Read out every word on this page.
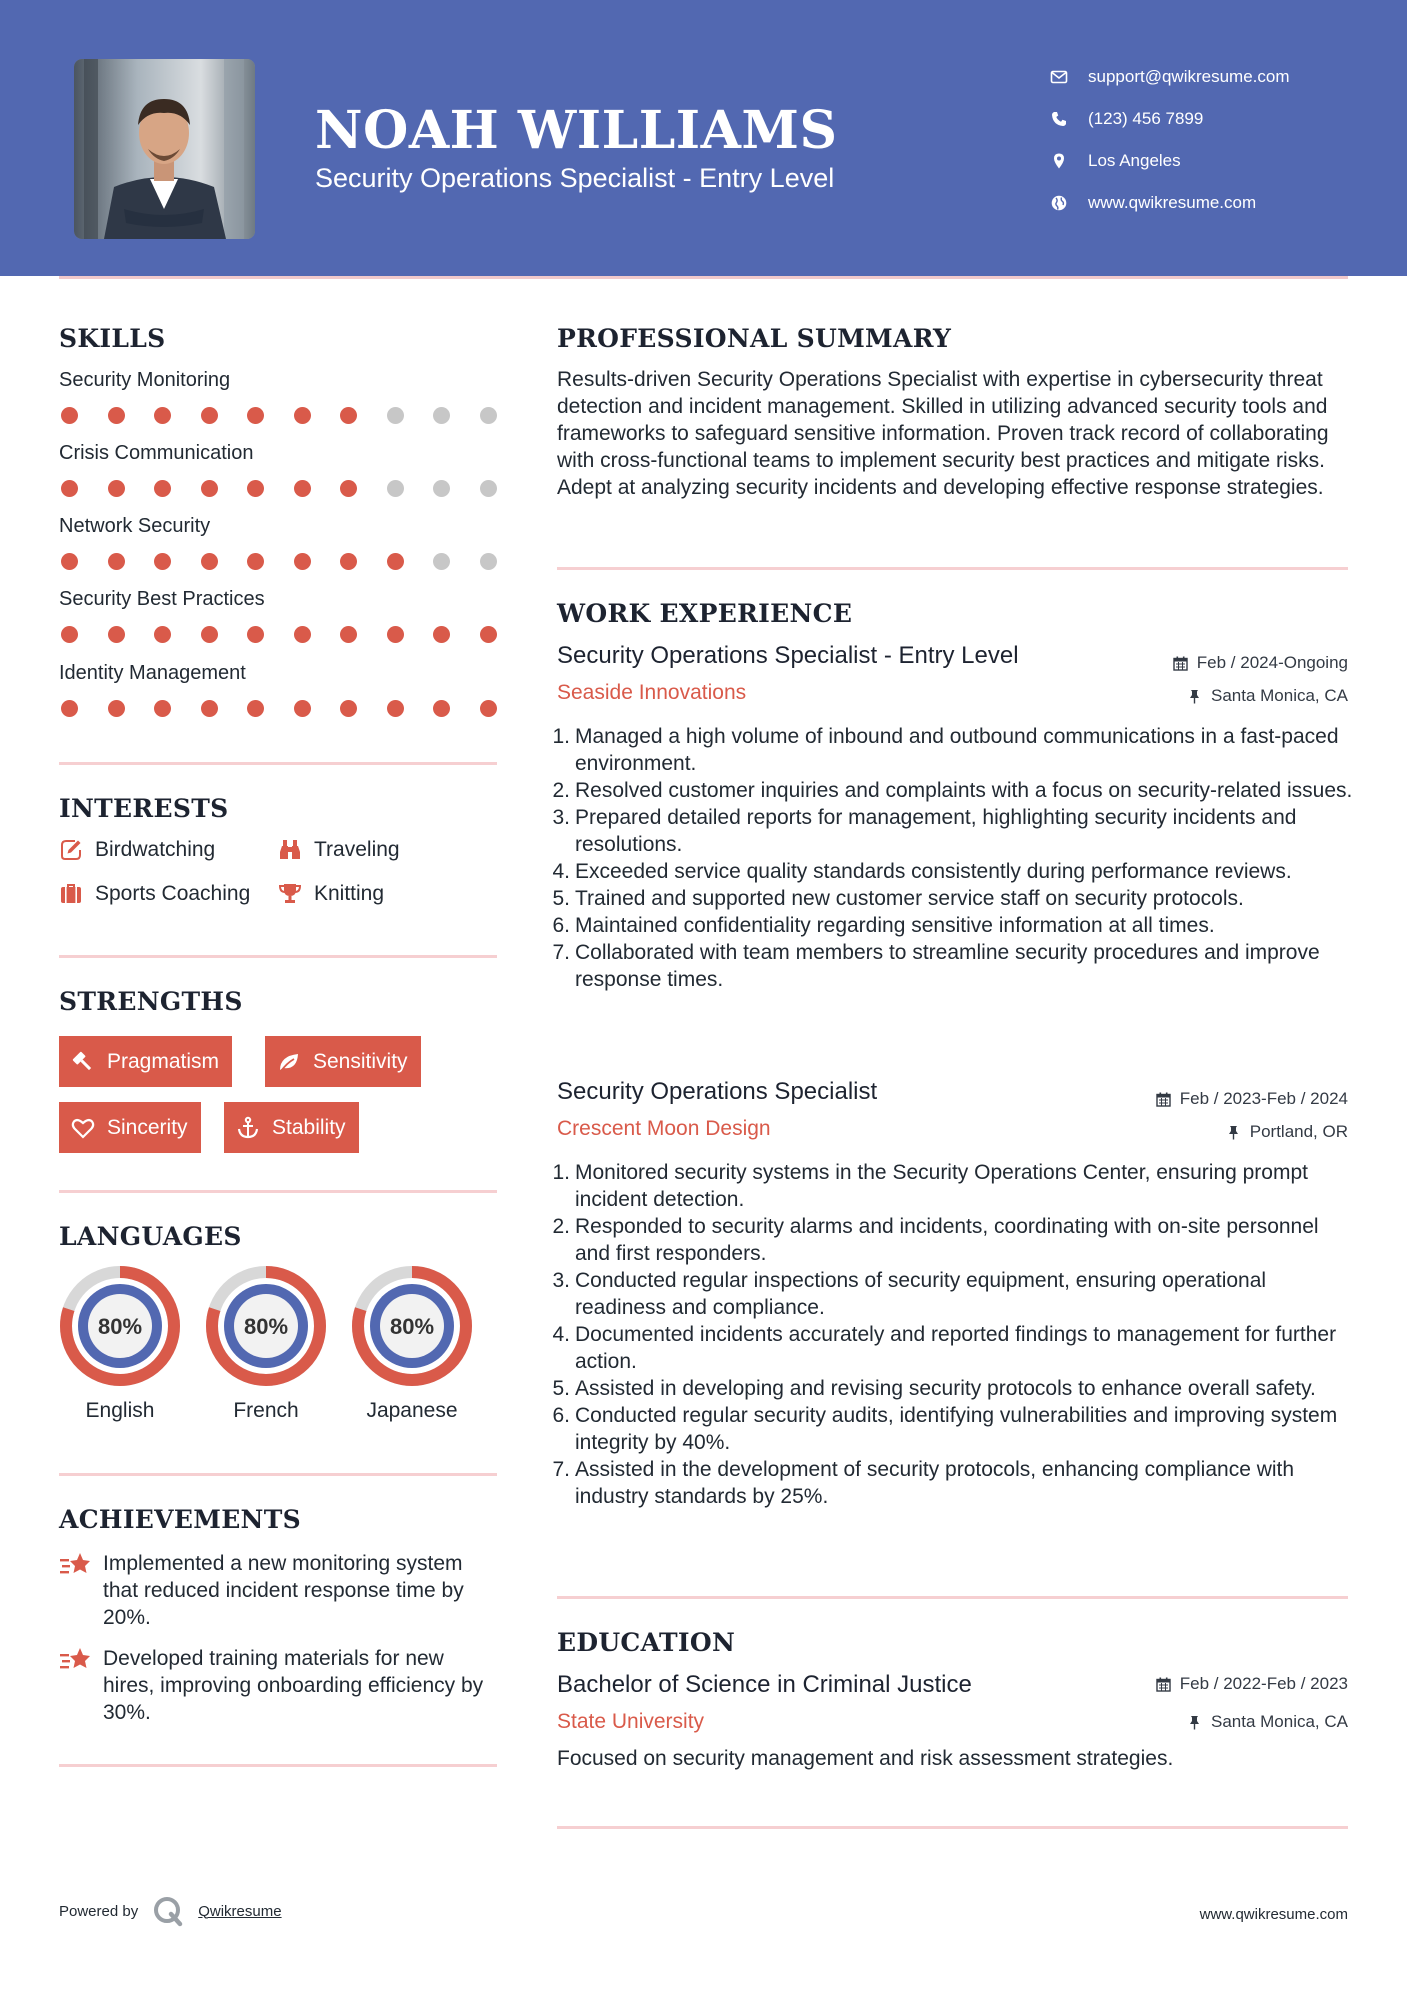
NOAH WILLIAMS
Security Operations Specialist - Entry Level
support@qwikresume.com
(123) 456 7899
Los Angeles
www.qwikresume.com
SKILLS
Security Monitoring
Crisis Communication
Network Security
Security Best Practices
Identity Management
INTERESTS
Birdwatching	Traveling
Sports Coaching	Knitting
STRENGTHS
Pragmatism	Sensitivity
Sincerity	Stability
LANGUAGES
80%
English
80%
French
80%
Japanese
ACHIEVEMENTS
Implemented a new monitoring system that reduced incident response time by 20%.
Developed training materials for new hires, improving onboarding efficiency by 30%.
PROFESSIONAL SUMMARY
Results-driven Security Operations Specialist with expertise in cybersecurity threat detection and incident management. Skilled in utilizing advanced security tools and frameworks to safeguard sensitive information. Proven track record of collaborating with cross-functional teams to implement security best practices and mitigate risks. Adept at analyzing security incidents and developing effective response strategies.
WORK EXPERIENCE
Security Operations Specialist - Entry Level	Feb / 2024-Ongoing
Seaside Innovations	Santa Monica, CA
1. Managed a high volume of inbound and outbound communications in a fast-paced environment.
2. Resolved customer inquiries and complaints with a focus on security-related issues.
3. Prepared detailed reports for management, highlighting security incidents and resolutions.
4. Exceeded service quality standards consistently during performance reviews.
5. Trained and supported new customer service staff on security protocols.
6. Maintained confidentiality regarding sensitive information at all times.
7. Collaborated with team members to streamline security procedures and improve response times.
Security Operations Specialist	Feb / 2023-Feb / 2024
Crescent Moon Design	Portland, OR
1. Monitored security systems in the Security Operations Center, ensuring prompt incident detection.
2. Responded to security alarms and incidents, coordinating with on-site personnel and first responders.
3. Conducted regular inspections of security equipment, ensuring operational readiness and compliance.
4. Documented incidents accurately and reported findings to management for further action.
5. Assisted in developing and revising security protocols to enhance overall safety.
6. Conducted regular security audits, identifying vulnerabilities and improving system integrity by 40%.
7. Assisted in the development of security protocols, enhancing compliance with industry standards by 25%.
EDUCATION
Bachelor of Science in Criminal Justice	Feb / 2022-Feb / 2023
State University	Santa Monica, CA
Focused on security management and risk assessment strategies.
Powered by	Qwikresume	www.qwikresume.com
